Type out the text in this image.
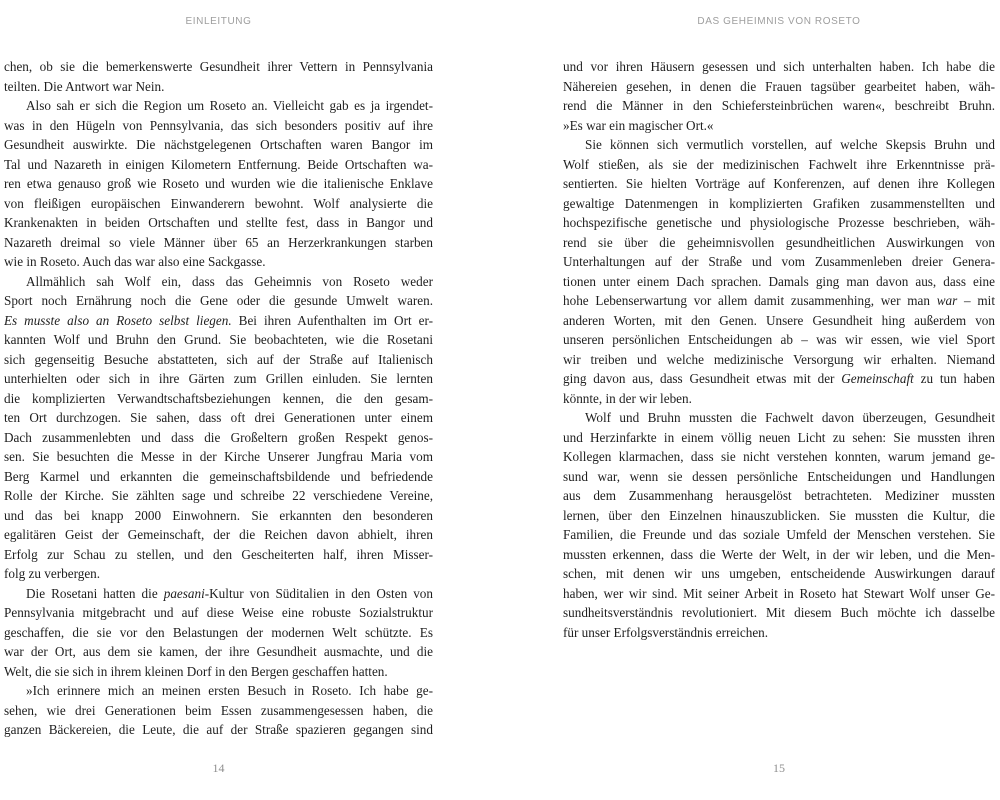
EINLEITUNG	DAS GEHEIMNIS VON ROSETO
chen, ob sie die bemerkenswerte Gesundheit ihrer Vettern in Pennsylvania
teilten. Die Antwort war Nein.
Also sah er sich die Region um Roseto an. Vielleicht gab es ja irgendet-
was in den Hügeln von Pennsylvania, das sich besonders positiv auf ihre
Gesundheit auswirkte. Die nächstgelegenen Ortschaften waren Bangor im
Tal und Nazareth in einigen Kilometern Entfernung. Beide Ortschaften wa-
ren etwa genauso groß wie Roseto und wurden wie die italienische Enklave
von fleißigen europäischen Einwanderern bewohnt. Wolf analysierte die
Krankenakten in beiden Ortschaften und stellte fest, dass in Bangor und
Nazareth dreimal so viele Männer über 65 an Herzerkrankungen starben
wie in Roseto. Auch das war also eine Sackgasse.
Allmählich sah Wolf ein, dass das Geheimnis von Roseto weder
Sport noch Ernährung noch die Gene oder die gesunde Umwelt waren.
Es musste also an Roseto selbst liegen. Bei ihren Aufenthalten im Ort er-
kannten Wolf und Bruhn den Grund. Sie beobachteten, wie die Rosetani
sich gegenseitig Besuche abstatteten, sich auf der Straße auf Italienisch
unterhielten oder sich in ihre Gärten zum Grillen einluden. Sie lernten
die komplizierten Verwandtschaftsbeziehungen kennen, die den gesam-
ten Ort durchzogen. Sie sahen, dass oft drei Generationen unter einem
Dach zusammenlebten und dass die Großeltern großen Respekt genos-
sen. Sie besuchten die Messe in der Kirche Unserer Jungfrau Maria vom
Berg Karmel und erkannten die gemeinschaftsbildende und befriedende
Rolle der Kirche. Sie zählten sage und schreibe 22 verschiedene Vereine,
und das bei knapp 2000 Einwohnern. Sie erkannten den besonderen
egalitären Geist der Gemeinschaft, der die Reichen davon abhielt, ihren
Erfolg zur Schau zu stellen, und den Gescheiterten half, ihren Misser-
folg zu verbergen.
Die Rosetani hatten die paesani-Kultur von Süditalien in den Osten von
Pennsylvania mitgebracht und auf diese Weise eine robuste Sozialstruktur
geschaffen, die sie vor den Belastungen der modernen Welt schützte. Es
war der Ort, aus dem sie kamen, der ihre Gesundheit ausmachte, und die
Welt, die sie sich in ihrem kleinen Dorf in den Bergen geschaffen hatten.
»Ich erinnere mich an meinen ersten Besuch in Roseto. Ich habe ge-
sehen, wie drei Generationen beim Essen zusammengesessen haben, die
ganzen Bäckereien, die Leute, die auf der Straße spazieren gegangen sind
und vor ihren Häusern gesessen und sich unterhalten haben. Ich habe die
Nähereien gesehen, in denen die Frauen tagsüber gearbeitet haben, wäh-
rend die Männer in den Schiefersteinbrüchen waren«, beschreibt Bruhn.
»Es war ein magischer Ort.«
Sie können sich vermutlich vorstellen, auf welche Skepsis Bruhn und
Wolf stießen, als sie der medizinischen Fachwelt ihre Erkenntnisse prä-
sentierten. Sie hielten Vorträge auf Konferenzen, auf denen ihre Kollegen
gewaltige Datenmengen in komplizierten Grafiken zusammenstellten und
hochspezifische genetische und physiologische Prozesse beschrieben, wäh-
rend sie über die geheimnisvollen gesundheitlichen Auswirkungen von
Unterhaltungen auf der Straße und vom Zusammenleben dreier Genera-
tionen unter einem Dach sprachen. Damals ging man davon aus, dass eine
hohe Lebenserwartung vor allem damit zusammenhing, wer man war – mit
anderen Worten, mit den Genen. Unsere Gesundheit hing außerdem von
unseren persönlichen Entscheidungen ab – was wir essen, wie viel Sport
wir treiben und welche medizinische Versorgung wir erhalten. Niemand
ging davon aus, dass Gesundheit etwas mit der Gemeinschaft zu tun haben
könnte, in der wir leben.
Wolf und Bruhn mussten die Fachwelt davon überzeugen, Gesundheit
und Herzinfarkte in einem völlig neuen Licht zu sehen: Sie mussten ihren
Kollegen klarmachen, dass sie nicht verstehen konnten, warum jemand ge-
sund war, wenn sie dessen persönliche Entscheidungen und Handlungen
aus dem Zusammenhang herausgelöst betrachteten. Mediziner mussten
lernen, über den Einzelnen hinauszublicken. Sie mussten die Kultur, die
Familien, die Freunde und das soziale Umfeld der Menschen verstehen. Sie
mussten erkennen, dass die Werte der Welt, in der wir leben, und die Men-
schen, mit denen wir uns umgeben, entscheidende Auswirkungen darauf
haben, wer wir sind. Mit seiner Arbeit in Roseto hat Stewart Wolf unser Ge-
sundheitsverständnis revolutioniert. Mit diesem Buch möchte ich dasselbe
für unser Erfolgsverständnis erreichen.
14	15
